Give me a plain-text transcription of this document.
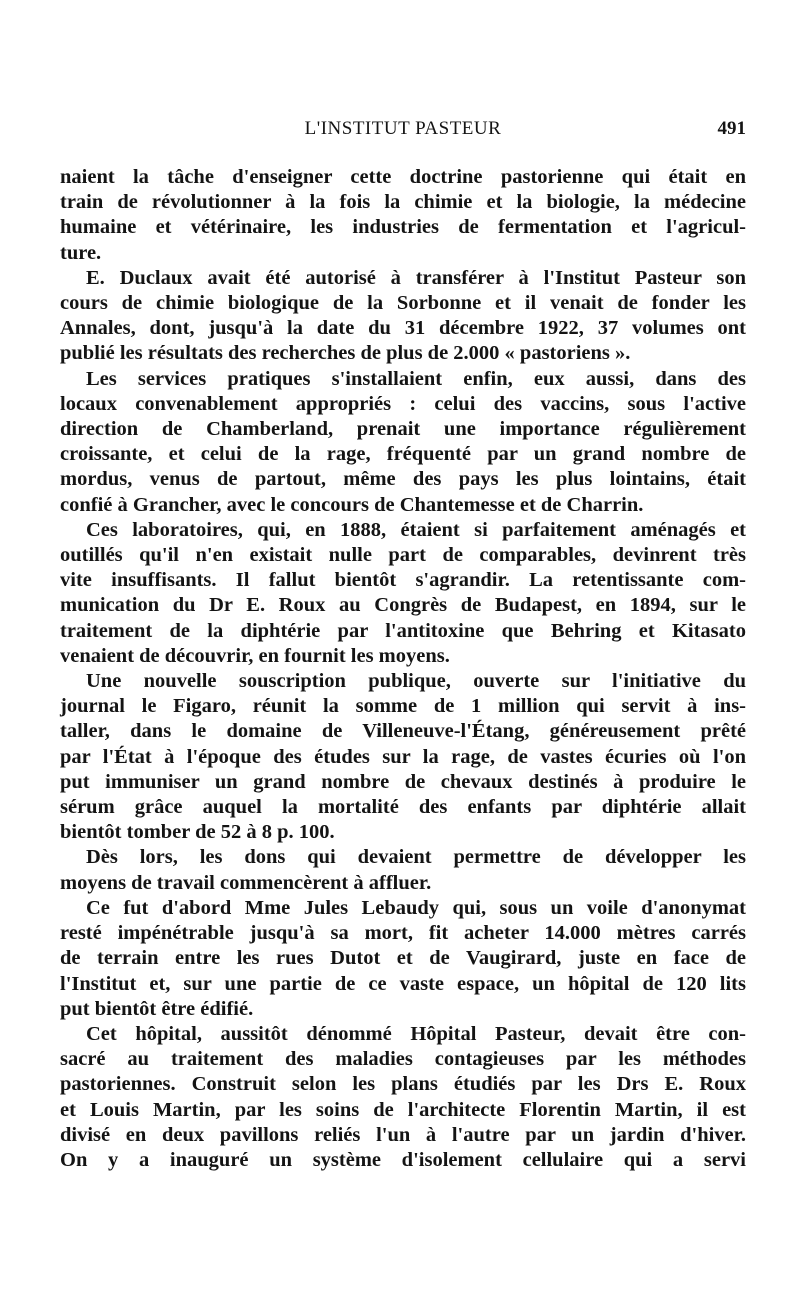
L'INSTITUT PASTEUR	491
naient la tâche d'enseigner cette doctrine pastorienne qui était en
train de révolutionner à la fois la chimie et la biologie, la médecine
humaine et vétérinaire, les industries de fermentation et l'agricul-
ture.
E. Duclaux avait été autorisé à transférer à l'Institut Pasteur son
cours de chimie biologique de la Sorbonne et il venait de fonder les
Annales, dont, jusqu'à la date du 31 décembre 1922, 37 volumes ont
publié les résultats des recherches de plus de 2.000 « pastoriens ».
Les services pratiques s'installaient enfin, eux aussi, dans des
locaux convenablement appropriés : celui des vaccins, sous l'active
direction de Chamberland, prenait une importance régulièrement
croissante, et celui de la rage, fréquenté par un grand nombre de
mordus, venus de partout, même des pays les plus lointains, était
confié à Grancher, avec le concours de Chantemesse et de Charrin.
Ces laboratoires, qui, en 1888, étaient si parfaitement aménagés et
outillés qu'il n'en existait nulle part de comparables, devinrent très
vite insuffisants. Il fallut bientôt s'agrandir. La retentissante com-
munication du Dr E. Roux au Congrès de Budapest, en 1894, sur le
traitement de la diphtérie par l'antitoxine que Behring et Kitasato
venaient de découvrir, en fournit les moyens.
Une nouvelle souscription publique, ouverte sur l'initiative du
journal le Figaro, réunit la somme de 1 million qui servit à ins-
taller, dans le domaine de Villeneuve-l'Étang, généreusement prêté
par l'État à l'époque des études sur la rage, de vastes écuries où l'on
put immuniser un grand nombre de chevaux destinés à produire le
sérum grâce auquel la mortalité des enfants par diphtérie allait
bientôt tomber de 52 à 8 p. 100.
Dès lors, les dons qui devaient permettre de développer les
moyens de travail commencèrent à affluer.
Ce fut d'abord Mme Jules Lebaudy qui, sous un voile d'anonymat
resté impénétrable jusqu'à sa mort, fit acheter 14.000 mètres carrés
de terrain entre les rues Dutot et de Vaugirard, juste en face de
l'Institut et, sur une partie de ce vaste espace, un hôpital de 120 lits
put bientôt être édifié.
Cet hôpital, aussitôt dénommé Hôpital Pasteur, devait être con-
sacré au traitement des maladies contagieuses par les méthodes
pastoriennes. Construit selon les plans étudiés par les Drs E. Roux
et Louis Martin, par les soins de l'architecte Florentin Martin, il est
divisé en deux pavillons reliés l'un à l'autre par un jardin d'hiver.
On y a inauguré un système d'isolement cellulaire qui a servi
